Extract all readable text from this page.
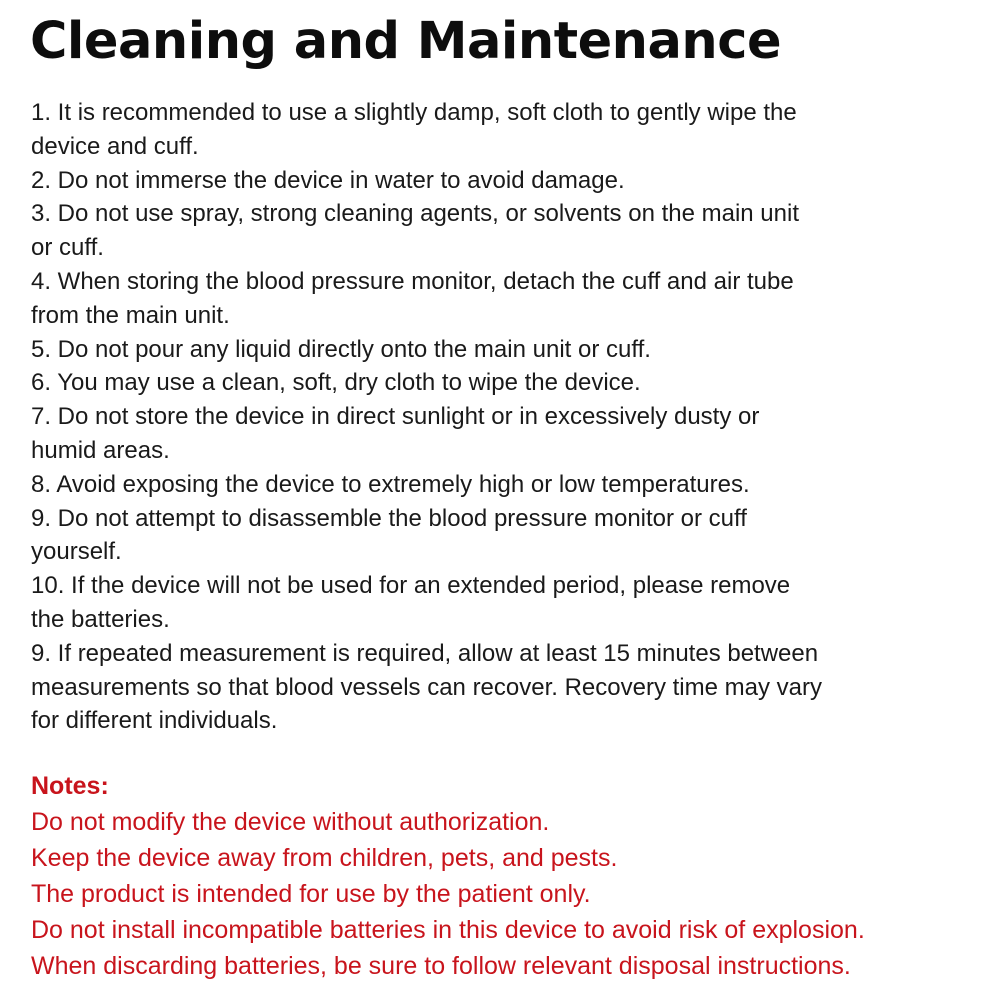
Cleaning and Maintenance
1. It is recommended to use a slightly damp, soft cloth to gently wipe the
device and cuff.
2. Do not immerse the device in water to avoid damage.
3. Do not use spray, strong cleaning agents, or solvents on the main unit
or cuff.
4. When storing the blood pressure monitor, detach the cuff and air tube
from the main unit.
5. Do not pour any liquid directly onto the main unit or cuff.
6. You may use a clean, soft, dry cloth to wipe the device.
7. Do not store the device in direct sunlight or in excessively dusty or
humid areas.
8. Avoid exposing the device to extremely high or low temperatures.
9. Do not attempt to disassemble the blood pressure monitor or cuff
yourself.
10. If the device will not be used for an extended period, please remove
the batteries.
9. If repeated measurement is required, allow at least 15 minutes between
measurements so that blood vessels can recover. Recovery time may vary
for different individuals.
Notes:
Do not modify the device without authorization.
Keep the device away from children, pets, and pests.
The product is intended for use by the patient only.
Do not install incompatible batteries in this device to avoid risk of explosion.
When discarding batteries, be sure to follow relevant disposal instructions.
